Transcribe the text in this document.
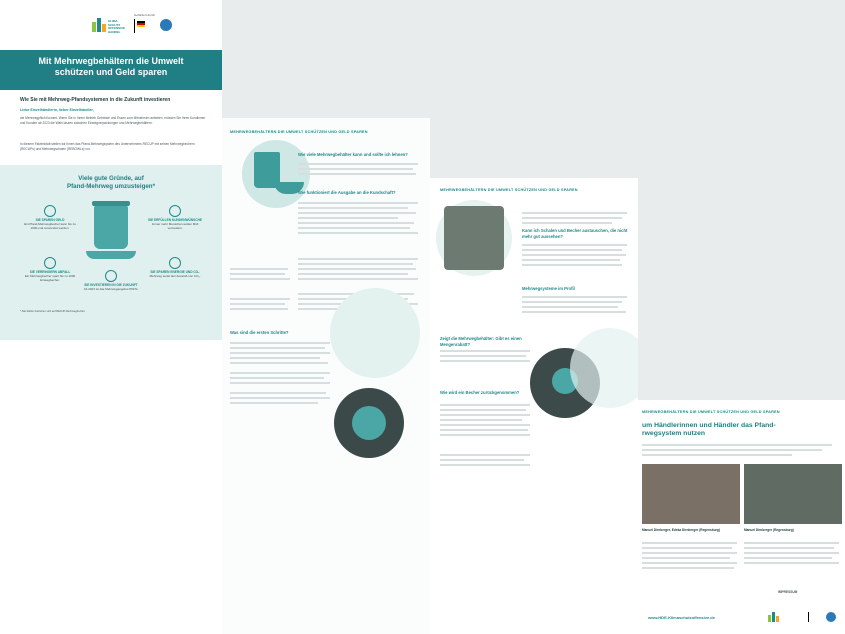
KLIMA
SCHUTZ
OFFENSIVE
HANDEL
Gefördert durch
Mit Mehrwegbehältern die Umwelt
schützen und Geld sparen
Wie Sie mit Mehrweg-Pfandsystemen in die Zukunft investieren
Liebe Einzelhändlerin, lieber Einzelhändler,
die Mehrwegpflicht kommt. Wenn Sie in Ihrem Betrieb Getränke und Essen zum Mitnehmen anbieten, müssen Sie Ihren Kundinnen und Kunden ab 2023 die Wahl lassen zwischen Einwegverpackungen und Mehrwegbehältern.
In diesem Faktenblatt stellen wir Ihnen das Pfand-Mehrwegsystem des Unternehmens RECUP mit seinen Mehrwegbechern (RECUPs) und Mehrwegschalen (REBOWLs) vor.
Viele gute Gründe, auf
Pfand-Mehrweg umzusteigen*
SIE SPAREN GELD
Ein Pfand-Mehrwegbecher kann bis zu 1000-mal verwendet werden.
SIE ERFÜLLEN KUNDENWÜNSCHE
Immer mehr Menschen wollen Müll vermeiden.
SIE VERRINGERN ABFALL
Ein Mehrwegbecher spart bis zu 1000 Einwegbecher.
SIE INVESTIEREN IN DIE ZUKUNFT
Ab 2023 ist das Mehrwegangebot Pflicht.
SIE SPAREN ENERGIE UND CO₂
Mehrweg senkt den Ausstoß von CO₂.
* Alle Zahlen beziehen sich auf RECUP-Mehrwegbecher.
MEHRWEGBEHÄLTERN DIE UMWELT SCHÜTZEN UND GELD SPAREN
Wie viele Mehrwegbehälter kann und sollte ich lehnen?
Wie funktioniert die Ausgabe an die Kundschaft?
Was sind die ersten Schritte?
MEHRWEGBEHÄLTERN DIE UMWELT SCHÜTZEN UND GELD SPAREN
Kann ich Schalen und Becher austauschen, die nicht mehr gut aussehen?
Mehrwegsysteme im Profil
Zeigt die Mehrwegbehälter: Gibt es einen Mengenrabatt?
Wie wird ein Becher zurückgenommen?
MEHRWEGBEHÄLTERN DIE UMWELT SCHÜTZEN UND GELD SPAREN
um Händlerinnen und Händler das Pfand-
rwegsystem nutzen
Manuel Dirnberger, Edeka Dirnberger (Regensburg)	Manuel Dirnberger (Regensburg)
IMPRESSUM
www.HDE-Klimaschutzoffensive.de
